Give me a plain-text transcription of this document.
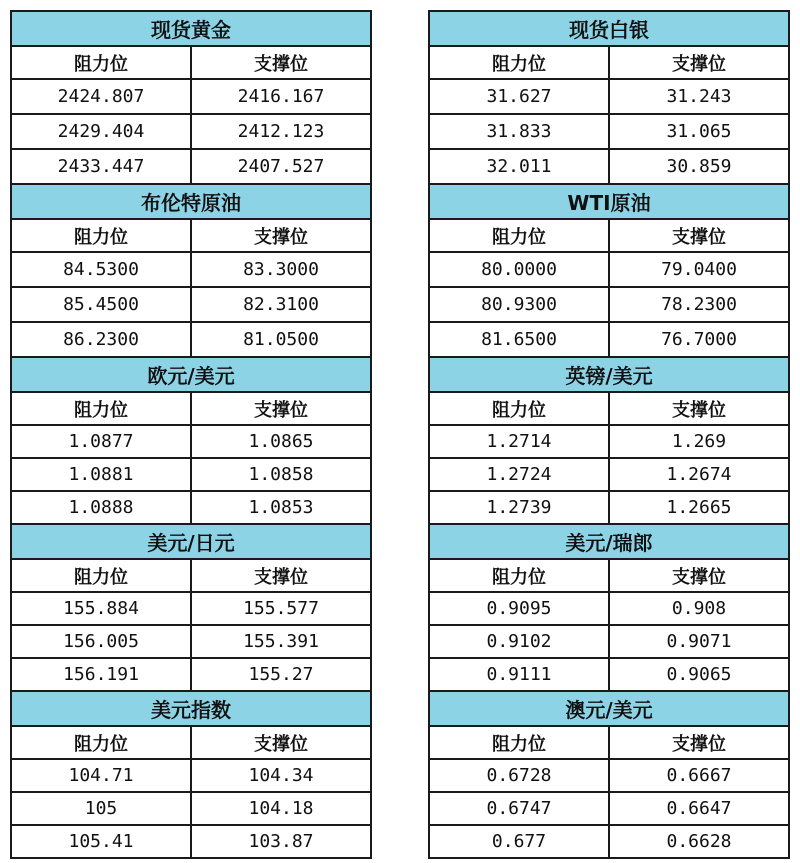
现货黄金	
阻力位	支撑位
2424.807	2416.167
2429.404	2412.123
2433.447	2407.527
布伦特原油	
阻力位	支撑位
84.5300	83.3000
85.4500	82.3100
86.2300	81.0500
欧元/美元	
阻力位	支撑位
1.0877	1.0865
1.0881	1.0858
1.0888	1.0853
美元/日元	
阻力位	支撑位
155.884	155.577
156.005	155.391
156.191	155.27
美元指数	
阻力位	支撑位
104.71	104.34
105	104.18
105.41	103.87
现货白银	
阻力位	支撑位
31.627	31.243
31.833	31.065
32.011	30.859
WTI原油	
阻力位	支撑位
80.0000	79.0400
80.9300	78.2300
81.6500	76.7000
英镑/美元	
阻力位	支撑位
1.2714	1.269
1.2724	1.2674
1.2739	1.2665
美元/瑞郎	
阻力位	支撑位
0.9095	0.908
0.9102	0.9071
0.9111	0.9065
澳元/美元	
阻力位	支撑位
0.6728	0.6667
0.6747	0.6647
0.677	0.6628
